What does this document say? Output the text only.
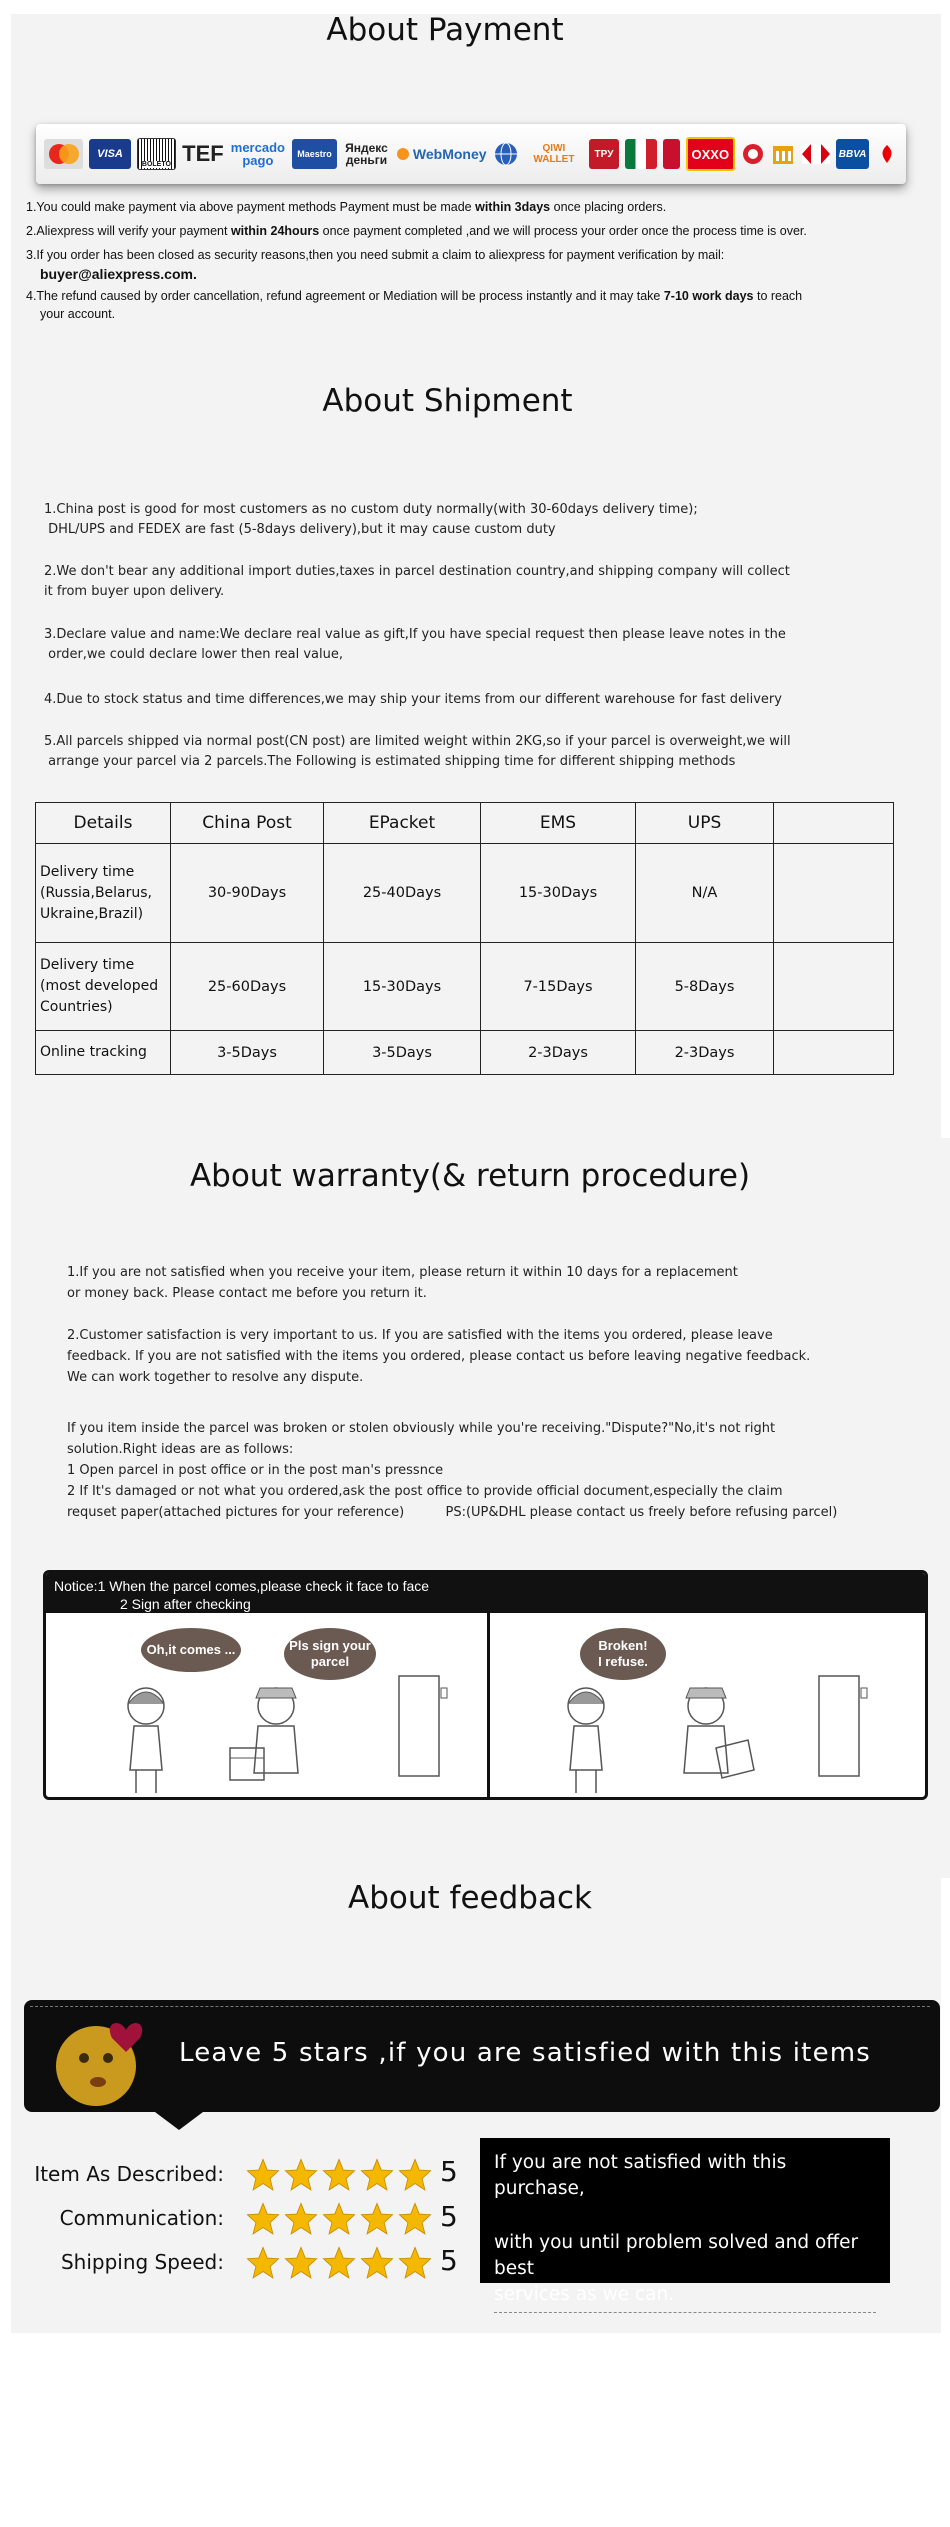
About Payment
VISA
BOLETO TEF mercado pago	Maestro Яндекс деньги WebMoney	QIWI WALLET	ТРУ	OXXO	BBVA
1.You could make payment via above payment methods Payment must be made within 3days once placing orders.
2.Aliexpress will verify your payment within 24hours once payment completed ,and we will process your order once the process time is over.
3.If you order has been closed as security reasons,then you need submit a claim to aliexpress for payment verification by mail:
buyer@aliexpress.com.
4.The refund caused by order cancellation, refund agreement or Mediation will be process instantly and it may take 7-10 work days to reach
your account.
About Shipment
1.China post is good for most customers as no custom duty normally(with 30-60days delivery time);
DHL/UPS and FEDEX are fast (5-8days delivery),but it may cause custom duty
2.We don't bear any additional import duties,taxes in parcel destination country,and shipping company will collect
it from buyer upon delivery.
3.Declare value and name:We declare real value as gift,If you have special request then please leave notes in the
order,we could declare lower then real value,
4.Due to stock status and time differences,we may ship your items from our different warehouse for fast delivery
5.All parcels shipped via normal post(CN post) are limited weight within 2KG,so if your parcel is overweight,we will
arrange your parcel via 2 parcels.The Following is estimated shipping time for different shipping methods
Details	China Post	EPacket	EMS	UPS	

Delivery time
(Russia,Belarus,
Ukraine,Brazil)	30-90Days	25-40Days	15-30Days	N/A	

Delivery time
(most developed
Countries)	25-60Days	15-30Days	7-15Days	5-8Days	

Online tracking	3-5Days	3-5Days	2-3Days	2-3Days	
About warranty(& return procedure)
1.If you are not satisfied when you receive your item, please return it within 10 days for a replacement
or money back. Please contact me before you return it.
2.Customer satisfaction is very important to us. If you are satisfied with the items you ordered, please leave
feedback. If you are not satisfied with the items you ordered, please contact us before leaving negative feedback.
We can work together to resolve any dispute.
If you item inside the parcel was broken or stolen obviously while you're receiving."Dispute?"No,it's not right
solution.Right ideas are as follows:
1 Open parcel in post office or in the post man's pressnce
2 If It's damaged or not what you ordered,ask the post office to provide official document,especially the claim
requset paper(attached pictures for your reference)          PS:(UP&DHL please contact us freely before refusing parcel)
Notice:1 When the parcel comes,please check it face to face
2 Sign after checking
Oh,it comes ...	Pls sign your
parcel
Broken!
I refuse.
About feedback
Leave 5 stars ,if you are satisfied with this items
Item As Described:	5
Communication:	5
Shipping Speed:	5
If you are not satisfied with this purchase,
with you until problem solved and offer best
services as we can.
